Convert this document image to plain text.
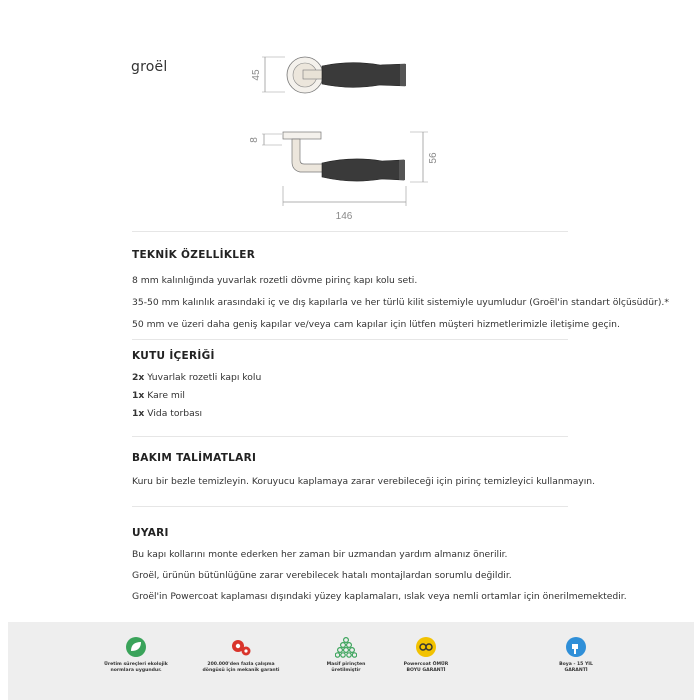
groël	45
8
56
146

TEKNİK ÖZELLİKLER

8 mm kalınlığında yuvarlak rozetli dövme pirinç kapı kolu seti.

35-50 mm kalınlık arasındaki iç ve dış kapılarla ve her türlü kilit sistemiyle uyumludur (Groël'in standart ölçüsüdür).*

50 mm ve üzeri daha geniş kapılar ve/veya cam kapılar için lütfen müşteri hizmetlerimizle iletişime geçin.

KUTU İÇERİĞİ

2x Yuvarlak rozetli kapı kolu

1x Kare mil

1x Vida torbası

BAKIM TALİMATLARI

Kuru bir bezle temizleyin. Koruyucu kaplamaya zarar verebileceği için pirinç temizleyici kullanmayın.

UYARI

Bu kapı kollarını monte ederken her zaman bir uzmandan yardım almanız önerilir.

Groël, ürünün bütünlüğüne zarar verebilecek hatalı montajlardan sorumlu değildir.

Groël'in Powercoat kaplaması dışındaki yüzey kaplamaları, ıslak veya nemli ortamlar için önerilmemektedir.

Üretim süreçleri ekolojik
normlara uygundur.
200.000'den fazla çalışma
döngüsü için mekanik garanti
Masif pirinçten
üretilmiştir
Powercoat ÖMÜR
BOYU GARANTİ
Boya - 15 YIL
GARANTİ
